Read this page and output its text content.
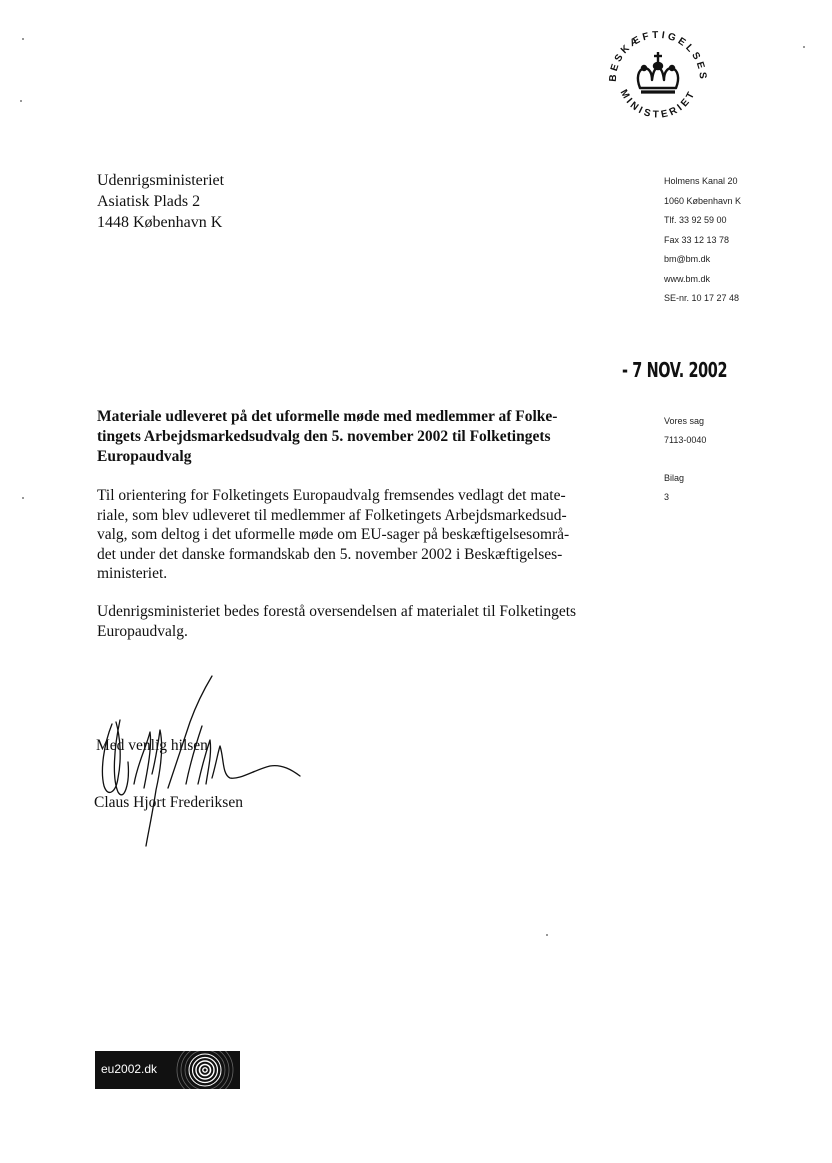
BESKÆFTIGELSES
MINISTERIET
Udenrigsministeriet
Asiatisk Plads 2
1448 København K
Holmens Kanal 20
1060 København K
Tlf. 33 92 59 00
Fax 33 12 13 78
bm@bm.dk
www.bm.dk
SE-nr. 10 17 27 48
- 7 NOV. 2002
Materiale udleveret på det uformelle møde med medlemmer af Folke-
tingets Arbejdsmarkedsudvalg den 5. november 2002 til Folketingets
Europaudvalg
Vores sag
7113-0040
Bilag
3
Til orientering for Folketingets Europaudvalg fremsendes vedlagt det mate-
riale, som blev udleveret til medlemmer af Folketingets Arbejdsmarkedsud-
valg, som deltog i det uformelle møde om EU-sager på beskæftigelsesområ-
det under det danske formandskab den 5. november 2002 i Beskæftigelses-
ministeriet.
Udenrigsministeriet bedes forestå oversendelsen af materialet til Folketingets
Europaudvalg.
Med venlig hilsen
Claus Hjort Frederiksen
eu2002.dk
